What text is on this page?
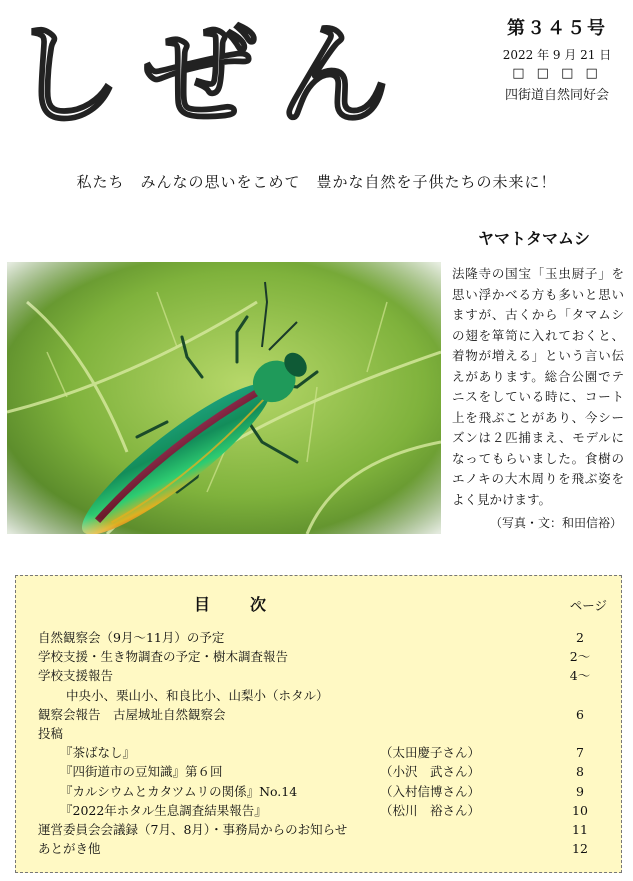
しぜん	第３４５号
2022 年 9 月 21 日
□ □ □ □
四街道自然同好会
私たち　みんなの思いをこめて　豊かな自然を子供たちの未来に！
ヤマトタマムシ
法隆寺の国宝「玉虫厨子」を思い浮かべる方も多いと思いますが、古くから「タマムシの翅を箪笥に入れておくと、着物が増える」という言い伝えがあります。総合公園でテニスをしている時に、コート上を飛ぶことがあり、今シーズンは２匹捕まえ、モデルになってもらいました。食樹のエノキの大木周りを飛ぶ姿をよく見かけます。
（写真・文：和田信裕）
目　次	ページ
自然観察会（9月～11月）の予定	2
学校支援・生き物調査の予定・樹木調査報告	2～
学校支援報告	4～
中央小、栗山小、和良比小、山梨小（ホタル）
観察会報告　古屋城址自然観察会	6
投稿
『茶ばなし』	（太田慶子さん）	7
『四街道市の豆知識』第６回	（小沢　武さん）	8
『カルシウムとカタツムリの関係』No.14	（入村信博さん）	9
『2022年ホタル生息調査結果報告』	（松川　裕さん）	10
運営委員会会議録（7月、8月）・事務局からのお知らせ	11
あとがき他	12
